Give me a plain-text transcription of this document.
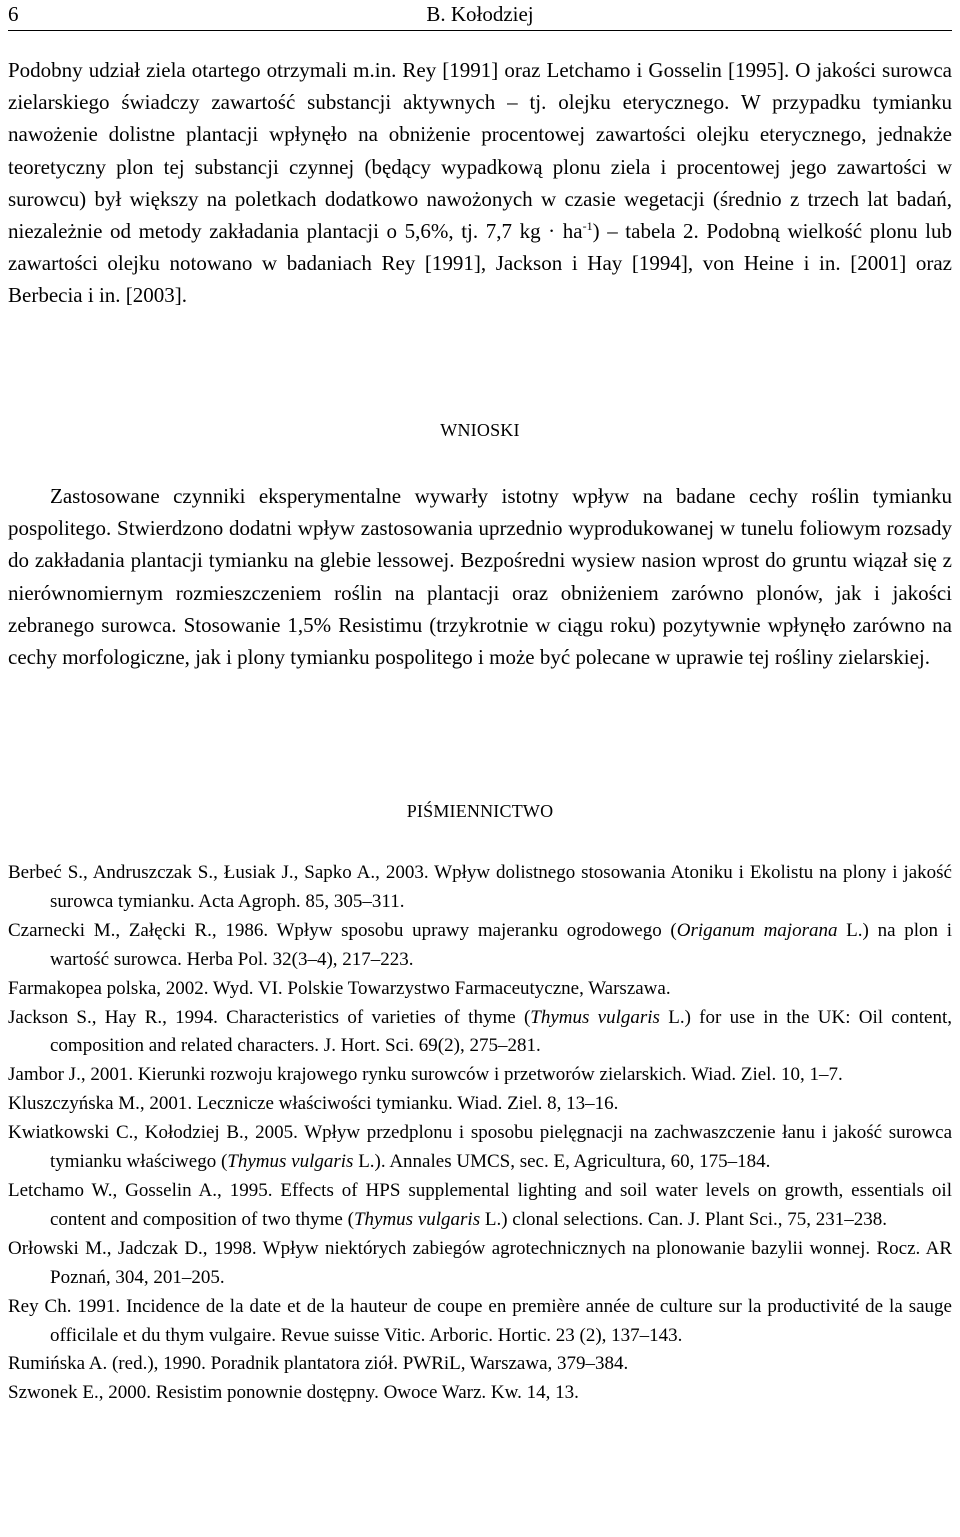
6	B. Kołodziej

Podobny udział ziela otartego otrzymali m.in. Rey [1991] oraz Letchamo i Gosselin [1995]. O jakości surowca zielarskiego świadczy zawartość substancji aktywnych – tj. olejku eterycznego. W przypadku tymianku nawożenie dolistne plantacji wpłynęło na obniżenie procentowej zawartości olejku eterycznego, jednakże teoretyczny plon tej substancji czynnej (będący wypadkową plonu ziela i procentowej jego zawartości w surowcu) był większy na poletkach dodatkowo nawożonych w czasie wegetacji (średnio z trzech lat badań, niezależnie od metody zakładania plantacji o 5,6%, tj. 7,7 kg · $ha^{-1}$) – tabela 2. Podobną wielkość plonu lub zawartości olejku notowano w badaniach Rey [1991], Jackson i Hay [1994], von Heine i in. [2001] oraz Berbecia i in. [2003].

WNIOSKI

Zastosowane czynniki eksperymentalne wywarły istotny wpływ na badane cechy roślin tymianku pospolitego. Stwierdzono dodatni wpływ zastosowania uprzednio wyprodukowanej w tunelu foliowym rozsady do zakładania plantacji tymianku na glebie lessowej. Bezpośredni wysiew nasion wprost do gruntu wiązał się z nierównomiernym rozmieszczeniem roślin na plantacji oraz obniżeniem zarówno plonów, jak i jakości zebranego surowca. Stosowanie 1,5% Resistimu (trzykrotnie w ciągu roku) pozytywnie wpłynęło zarówno na cechy morfologiczne, jak i plony tymianku pospolitego i może być polecane w uprawie tej rośliny zielarskiej.

PIŚMIENNICTWO
Berbeć S., Andruszczak S., Łusiak J., Sapko A., 2003. Wpływ dolistnego stosowania Atoniku i Ekolistu na plony i jakość surowca tymianku. Acta Agroph. 85, 305–311.
Czarnecki M., Załęcki R., 1986. Wpływ sposobu uprawy majeranku ogrodowego (Origanum majorana L.) na plon i wartość surowca. Herba Pol. 32(3–4), 217–223.
Farmakopea polska, 2002. Wyd. VI. Polskie Towarzystwo Farmaceutyczne, Warszawa.
Jackson S., Hay R., 1994. Characteristics of varieties of thyme (Thymus vulgaris L.) for use in the UK: Oil content, composition and related characters. J. Hort. Sci. 69(2), 275–281.
Jambor J., 2001. Kierunki rozwoju krajowego rynku surowców i przetworów zielarskich. Wiad. Ziel. 10, 1–7.
Kluszczyńska M., 2001. Lecznicze właściwości tymianku. Wiad. Ziel. 8, 13–16.
Kwiatkowski C., Kołodziej B., 2005. Wpływ przedplonu i sposobu pielęgnacji na zachwaszczenie łanu i jakość surowca tymianku właściwego (Thymus vulgaris L.). Annales UMCS, sec. E, Agricultura, 60, 175–184.
Letchamo W., Gosselin A., 1995. Effects of HPS supplemental lighting and soil water levels on growth, essentials oil content and composition of two thyme (Thymus vulgaris L.) clonal selections. Can. J. Plant Sci., 75, 231–238.
Orłowski M., Jadczak D., 1998. Wpływ niektórych zabiegów agrotechnicznych na plonowanie bazylii wonnej. Rocz. AR Poznań, 304, 201–205.
Rey Ch. 1991. Incidence de la date et de la hauteur de coupe en première année de culture sur la productivité de la sauge officilale et du thym vulgaire. Revue suisse Vitic. Arboric. Hortic. 23 (2), 137–143.
Rumińska A. (red.), 1990. Poradnik plantatora ziół. PWRiL, Warszawa, 379–384.
Szwonek E., 2000. Resistim ponownie dostępny. Owoce Warz. Kw. 14, 13.
